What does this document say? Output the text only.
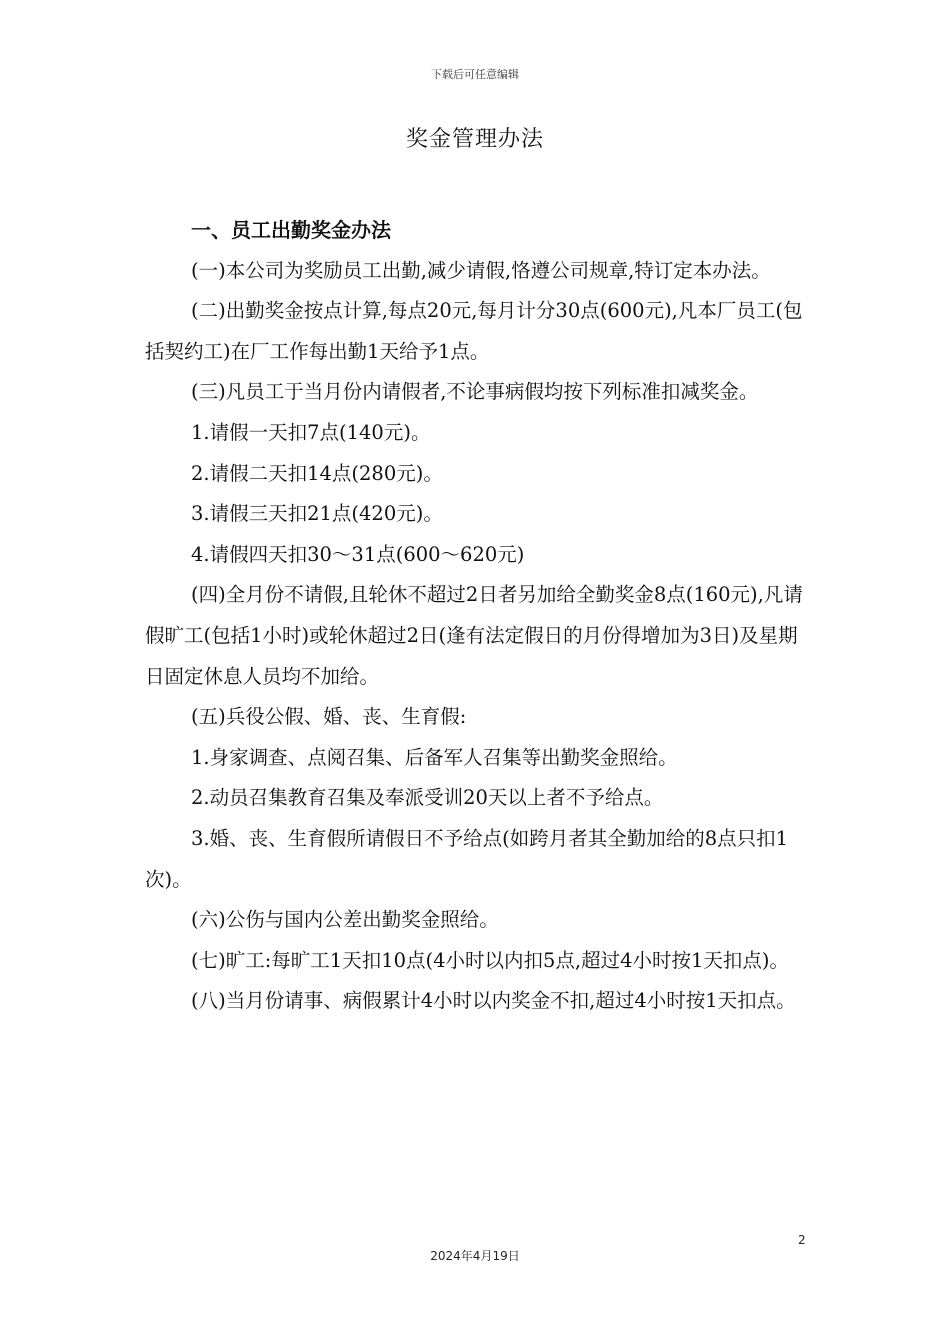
下载后可任意编辑
奖金管理办法

一、员工出勤奖金办法

(一)本公司为奖励员工出勤,减少请假,恪遵公司规章,特订定本办法。

(二)出勤奖金按点计算,每点20元,每月计分30点(600元),凡本厂员工(包括契约工)在厂工作每出勤1天给予1点。

(三)凡员工于当月份内请假者,不论事病假均按下列标准扣减奖金。

1.请假一天扣7点(140元)。

2.请假二天扣14点(280元)。

3.请假三天扣21点(420元)。

4.请假四天扣30～31点(600～620元)

(四)全月份不请假,且轮休不超过2日者另加给全勤奖金8点(160元),凡请假旷工(包括1小时)或轮休超过2日(逢有法定假日的月份得增加为3日)及星期日固定休息人员均不加给。

(五)兵役公假、婚、丧、生育假:

1.身家调查、点阅召集、后备军人召集等出勤奖金照给。

2.动员召集教育召集及奉派受训20天以上者不予给点。

3.婚、丧、生育假所请假日不予给点(如跨月者其全勤加给的8点只扣1次)。

(六)公伤与国内公差出勤奖金照给。

(七)旷工:每旷工1天扣10点(4小时以内扣5点,超过4小时按1天扣点)。

(八)当月份请事、病假累计4小时以内奖金不扣,超过4小时按1天扣点。

2
2024年4月19日
